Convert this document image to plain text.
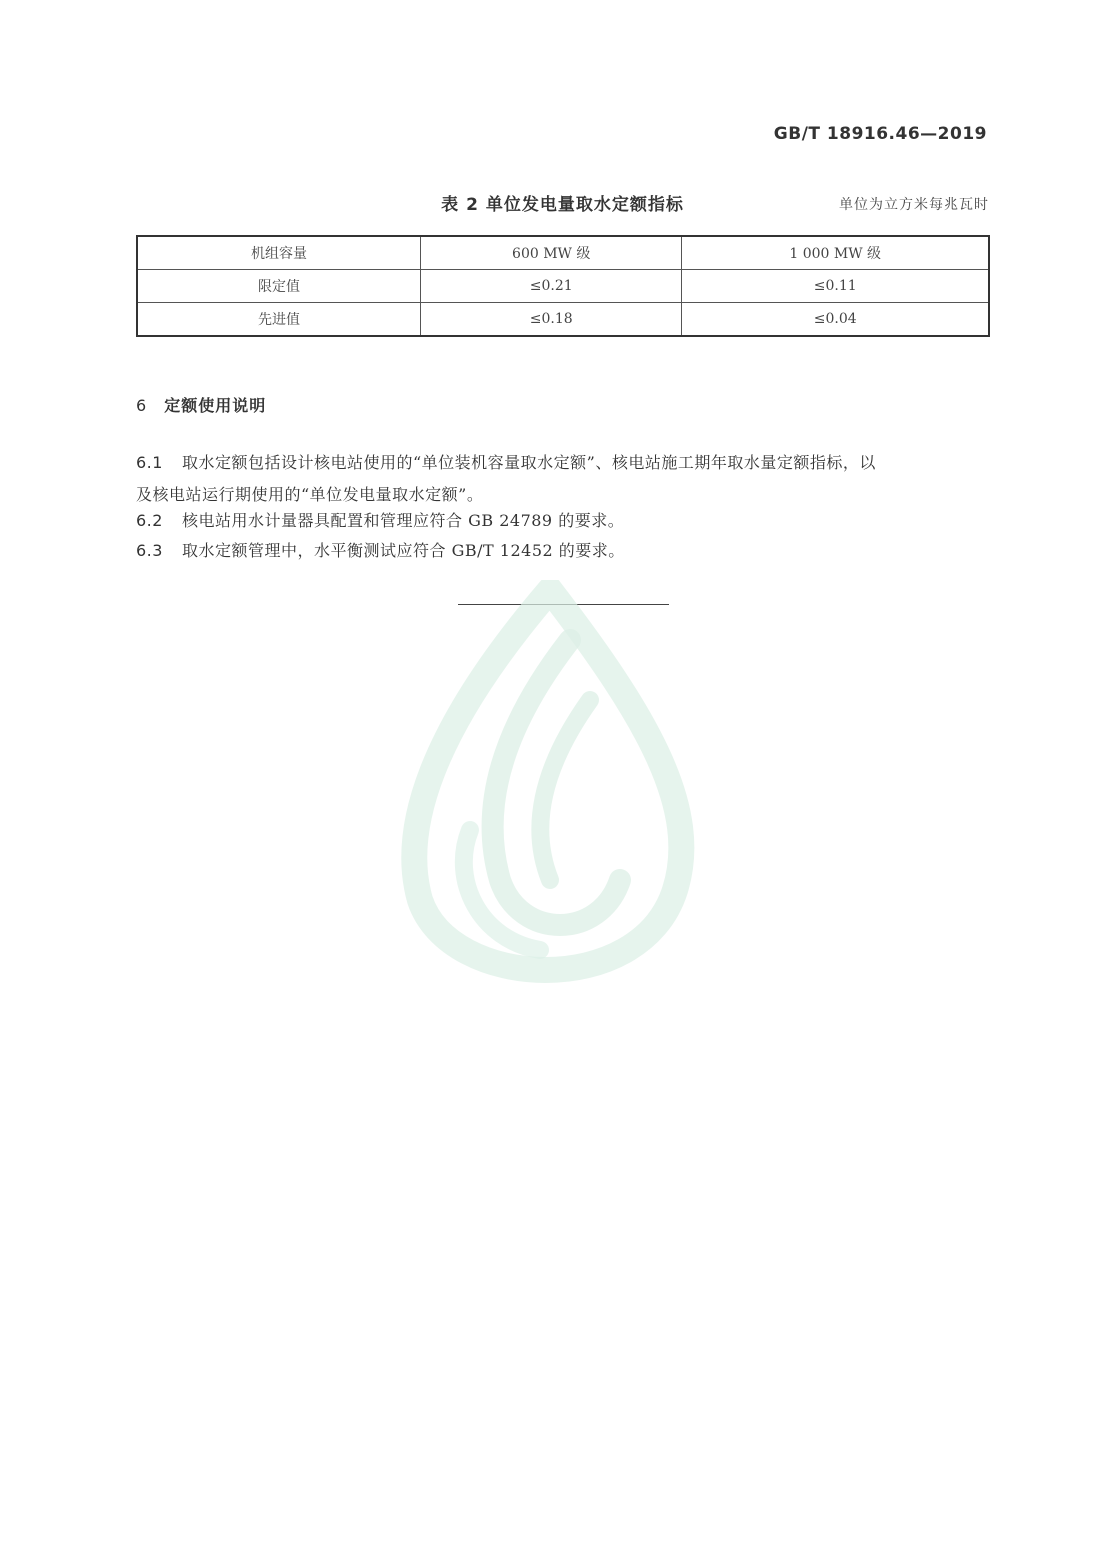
GB/T 18916.46—2019
表 2 单位发电量取水定额指标	单位为立方米每兆瓦时
机组容量	600 MW 级	1 000 MW 级
限定值	≤0.21	≤0.11
先进值	≤0.18	≤0.04
6 定额使用说明
6.1 取水定额包括设计核电站使用的“单位装机容量取水定额”、核电站施工期年取水量定额指标，以
及核电站运行期使用的“单位发电量取水定额”。
6.2 核电站用水计量器具配置和管理应符合 GB 24789 的要求。
6.3 取水定额管理中，水平衡测试应符合 GB/T 12452 的要求。
